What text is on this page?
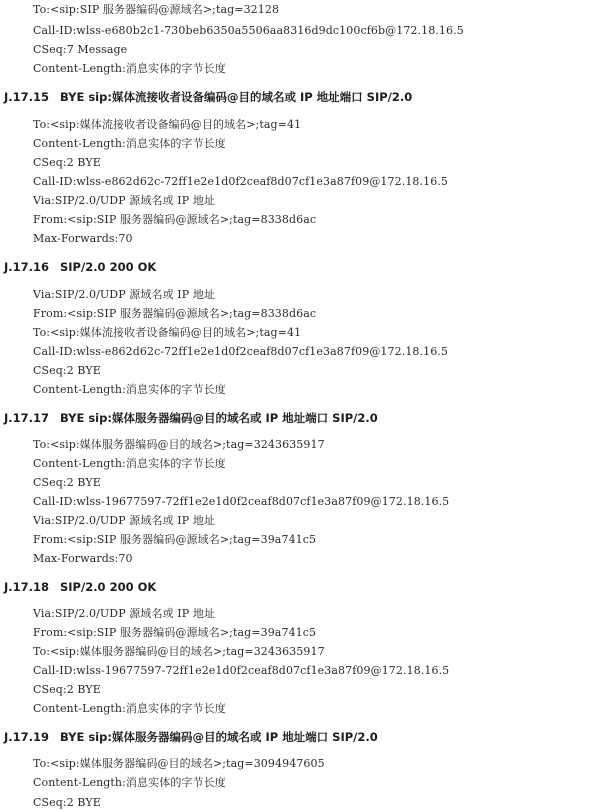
To:<sip:SIP 服务器编码@源域名>;tag=32128
Call-ID:wlss-e680b2c1-730beb6350a5506aa8316d9dc100cf6b@172.18.16.5
CSeq:7 Message
Content-Length:消息实体的字节长度
J.17.15 BYE sip:媒体流接收者设备编码@目的域名或 IP 地址端口 SIP/2.0
To:<sip:媒体流接收者设备编码@目的域名>;tag=41
Content-Length:消息实体的字节长度
CSeq:2 BYE
Call-ID:wlss-e862d62c-72ff1e2e1d0f2ceaf8d07cf1e3a87f09@172.18.16.5
Via:SIP/2.0/UDP 源域名或 IP 地址
From:<sip:SIP 服务器编码@源域名>;tag=8338d6ac
Max-Forwards:70
J.17.16 SIP/2.0 200 OK
Via:SIP/2.0/UDP 源域名或 IP 地址
From:<sip:SIP 服务器编码@源域名>;tag=8338d6ac
To:<sip:媒体流接收者设备编码@目的域名>;tag=41
Call-ID:wlss-e862d62c-72ff1e2e1d0f2ceaf8d07cf1e3a87f09@172.18.16.5
CSeq:2 BYE
Content-Length:消息实体的字节长度
J.17.17 BYE sip:媒体服务器编码@目的域名或 IP 地址端口 SIP/2.0
To:<sip:媒体服务器编码@目的域名>;tag=3243635917
Content-Length:消息实体的字节长度
CSeq:2 BYE
Call-ID:wlss-19677597-72ff1e2e1d0f2ceaf8d07cf1e3a87f09@172.18.16.5
Via:SIP/2.0/UDP 源域名或 IP 地址
From:<sip:SIP 服务器编码@源域名>;tag=39a741c5
Max-Forwards:70
J.17.18 SIP/2.0 200 OK
Via:SIP/2.0/UDP 源域名或 IP 地址
From:<sip:SIP 服务器编码@源域名>;tag=39a741c5
To:<sip:媒体服务器编码@目的域名>;tag=3243635917
Call-ID:wlss-19677597-72ff1e2e1d0f2ceaf8d07cf1e3a87f09@172.18.16.5
CSeq:2 BYE
Content-Length:消息实体的字节长度
J.17.19 BYE sip:媒体服务器编码@目的域名或 IP 地址端口 SIP/2.0
To:<sip:媒体服务器编码@目的域名>;tag=3094947605
Content-Length:消息实体的字节长度
CSeq:2 BYE
